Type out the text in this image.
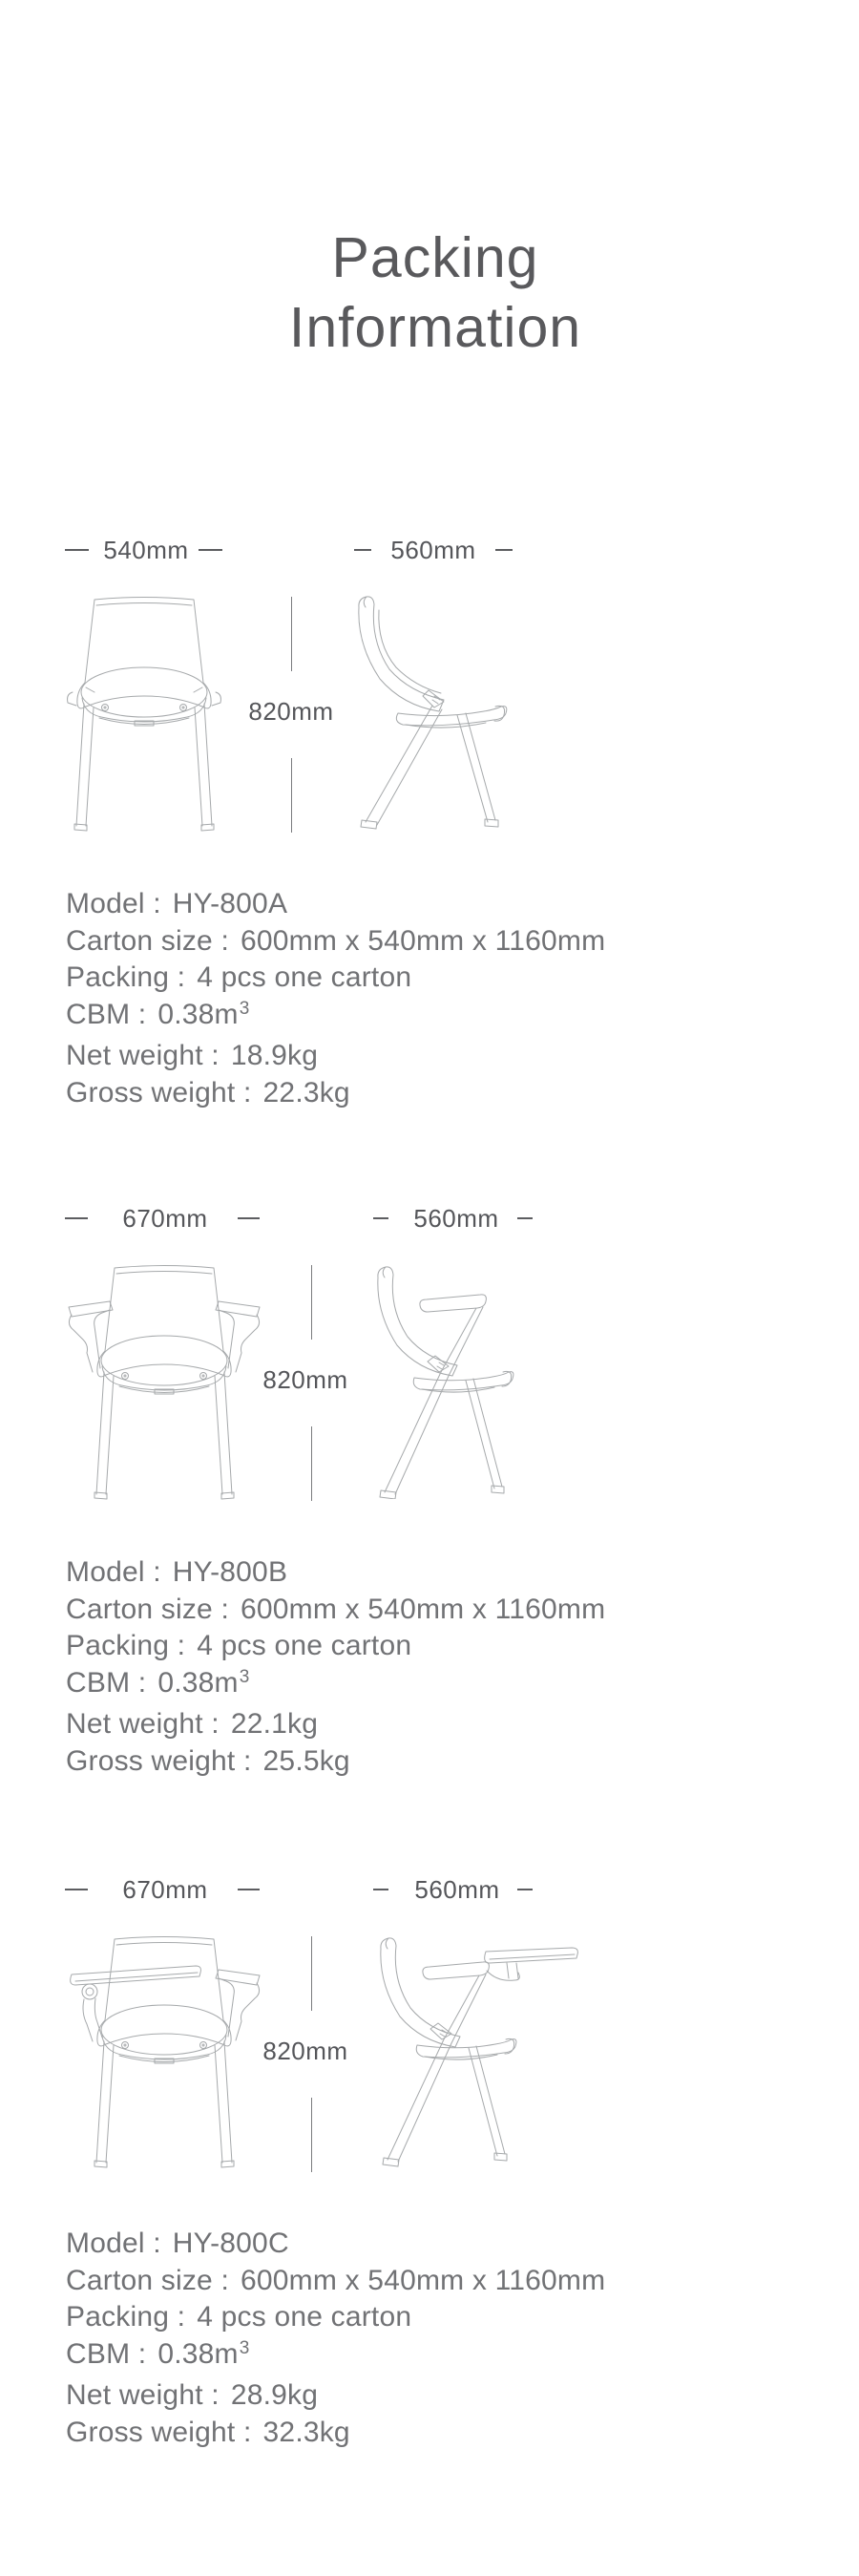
Packing
Information
540mm	560mm
820mm
Model : HY-800A
Carton size : 600mm x 540mm x 1160mm
Packing : 4 pcs one carton
CBM : $0.38m^3$
Net weight : 18.9kg
Gross weight : 22.3kg
670mm	560mm
820mm
Model : HY-800B
Carton size : 600mm x 540mm x 1160mm
Packing : 4 pcs one carton
CBM : $0.38m^3$
Net weight : 22.1kg
Gross weight : 25.5kg
670mm	560mm
820mm
Model : HY-800C
Carton size : 600mm x 540mm x 1160mm
Packing : 4 pcs one carton
CBM : $0.38m^3$
Net weight : 28.9kg
Gross weight : 32.3kg
